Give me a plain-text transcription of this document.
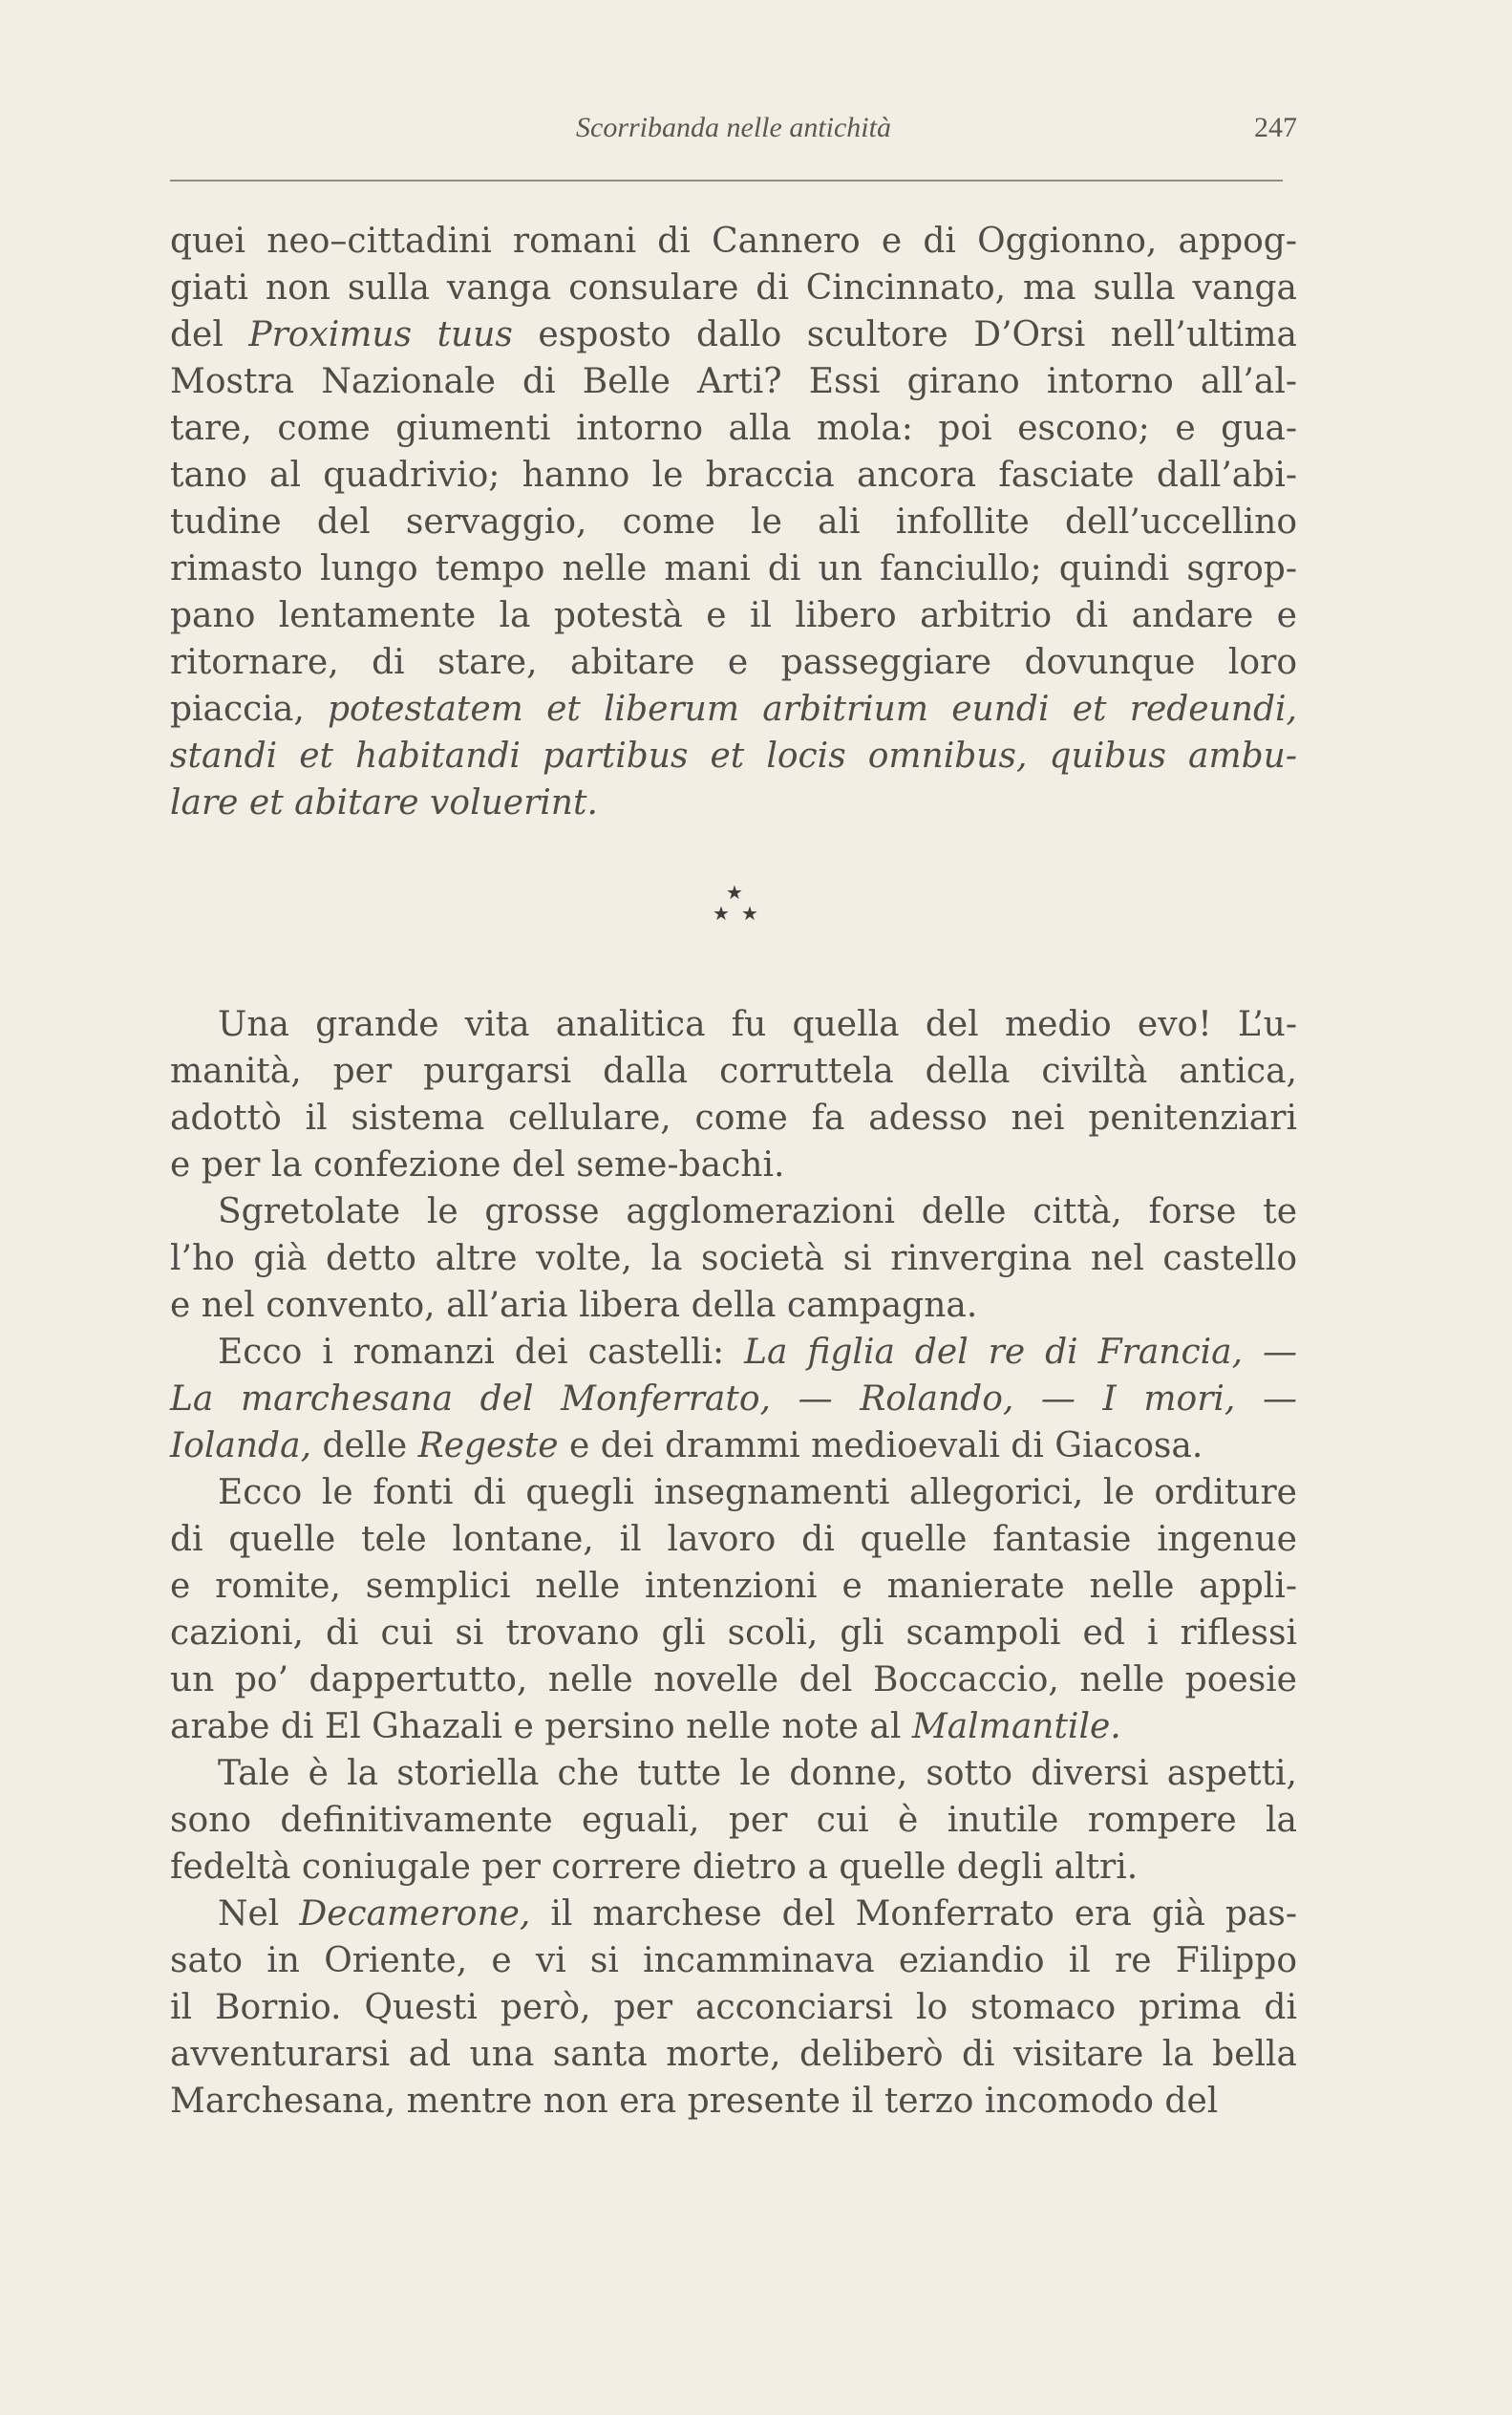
Scorribanda nelle antichità	247
quei neo–cittadini romani di Cannero e di Oggionno, appog-
giati non sulla vanga consulare di Cincinnato, ma sulla vanga
del Proximus tuus esposto dallo scultore D’Orsi nell’ultima
Mostra Nazionale di Belle Arti? Essi girano intorno all’al-
tare, come giumenti intorno alla mola: poi escono; e gua-
tano al quadrivio; hanno le braccia ancora fasciate dall’abi-
tudine del servaggio, come le ali infollite dell’uccellino
rimasto lungo tempo nelle mani di un fanciullo; quindi sgrop-
pano lentamente la potestà e il libero arbitrio di andare e
ritornare, di stare, abitare e passeggiare dovunque loro
piaccia, potestatem et liberum arbitrium eundi et redeundi,
standi et habitandi partibus et locis omnibus, quibus ambu-
lare et abitare voluerint.
★
★ ★
Una grande vita analitica fu quella del medio evo! L’u-
manità, per purgarsi dalla corruttela della civiltà antica,
adottò il sistema cellulare, come fa adesso nei penitenziari
e per la confezione del seme-bachi.
Sgretolate le grosse agglomerazioni delle città, forse te
l’ho già detto altre volte, la società si rinvergina nel castello
e nel convento, all’aria libera della campagna.
Ecco i romanzi dei castelli: La figlia del re di Francia, —
La marchesana del Monferrato, — Rolando, — I mori, —
Iolanda, delle Regeste e dei drammi medioevali di Giacosa.
Ecco le fonti di quegli insegnamenti allegorici, le orditure
di quelle tele lontane, il lavoro di quelle fantasie ingenue
e romite, semplici nelle intenzioni e manierate nelle appli-
cazioni, di cui si trovano gli scoli, gli scampoli ed i riflessi
un po’ dappertutto, nelle novelle del Boccaccio, nelle poesie
arabe di El Ghazali e persino nelle note al Malmantile.
Tale è la storiella che tutte le donne, sotto diversi aspetti,
sono definitivamente eguali, per cui è inutile rompere la
fedeltà coniugale per correre dietro a quelle degli altri.
Nel Decamerone, il marchese del Monferrato era già pas-
sato in Oriente, e vi si incamminava eziandio il re Filippo
il Bornio. Questi però, per acconciarsi lo stomaco prima di
avventurarsi ad una santa morte, deliberò di visitare la bella
Marchesana, mentre non era presente il terzo incomodo del
